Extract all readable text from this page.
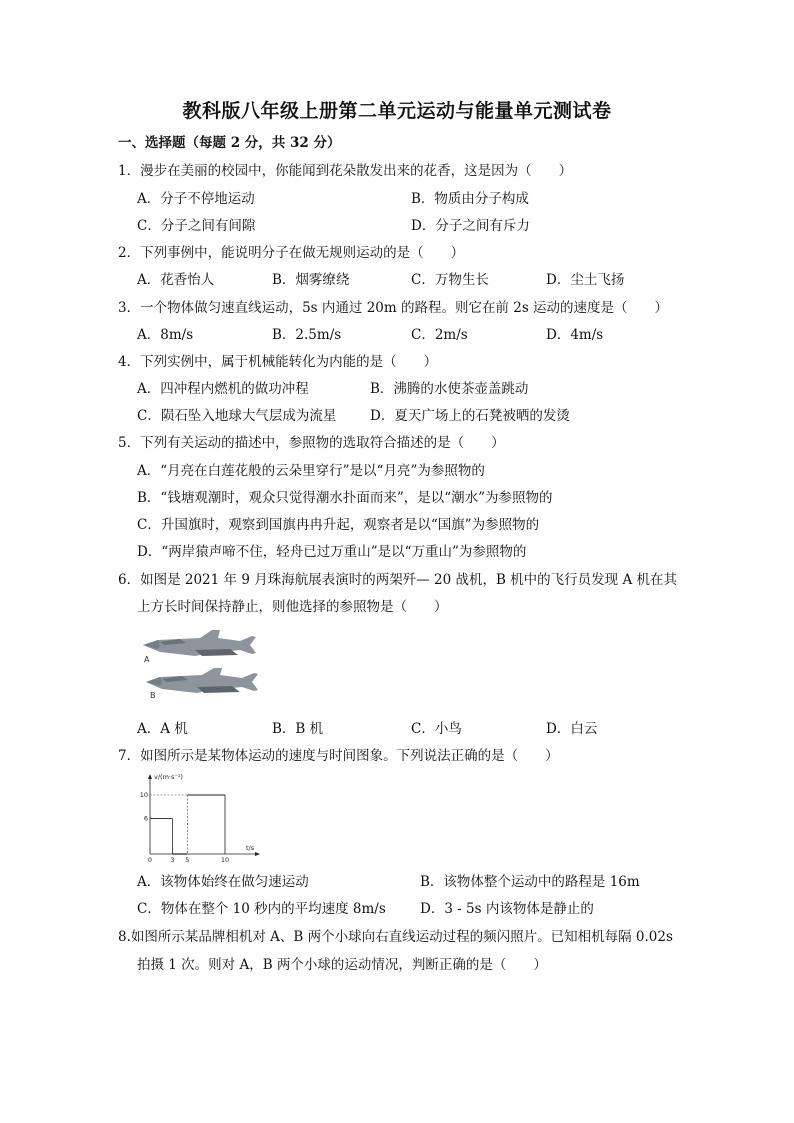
教科版八年级上册第二单元运动与能量单元测试卷
一、选择题（每题 2 分，共 32 分）
1．漫步在美丽的校园中，你能闻到花朵散发出来的花香，这是因为（　　）
A．分子不停地运动	B．物质由分子构成
C．分子之间有间隙	D．分子之间有斥力
2．下列事例中，能说明分子在做无规则运动的是（　　）
A．花香怡人	B．烟雾缭绕	C．万物生长	D．尘土飞扬
3．一个物体做匀速直线运动，5s 内通过 20m 的路程。则它在前 2s 运动的速度是（　　）
A．8m/s	B．2.5m/s	C．2m/s	D．4m/s
4．下列实例中，属于机械能转化为内能的是（　　）
A．四冲程内燃机的做功冲程	B．沸腾的水使茶壶盖跳动
C．陨石坠入地球大气层成为流星 D．夏天广场上的石凳被晒的发烫
5．下列有关运动的描述中，参照物的选取符合描述的是（　　）
A．“月亮在白莲花般的云朵里穿行”是以“月亮”为参照物的
B．“钱塘观潮时，观众只觉得潮水扑面而来”，是以“潮水”为参照物的
C．升国旗时，观察到国旗冉冉升起，观察者是以“国旗”为参照物的
D．“两岸猿声啼不住，轻舟已过万重山”是以“万重山”为参照物的
6．如图是 2021 年 9 月珠海航展表演时的两架歼— 20 战机，B 机中的飞行员发现 A 机在其
上方长时间保持静止，则他选择的参照物是（　　）
A
B
A．A 机	B．B 机	C．小鸟	D．白云
7．如图所示是某物体运动的速度与时间图象。下列说法正确的是（　　）
v/(m·s⁻¹)
t/s
6
10
0	3 5	10
A．该物体始终在做匀速运动	B．该物体整个运动中的路程是 16m
C．物体在整个 10 秒内的平均速度 8m/s	D．3 - 5s 内该物体是静止的
8.如图所示某品牌相机对 A、B 两个小球向右直线运动过程的频闪照片。已知相机每隔 0.02s
拍摄 1 次。则对 A，B 两个小球的运动情况，判断正确的是（　　）
